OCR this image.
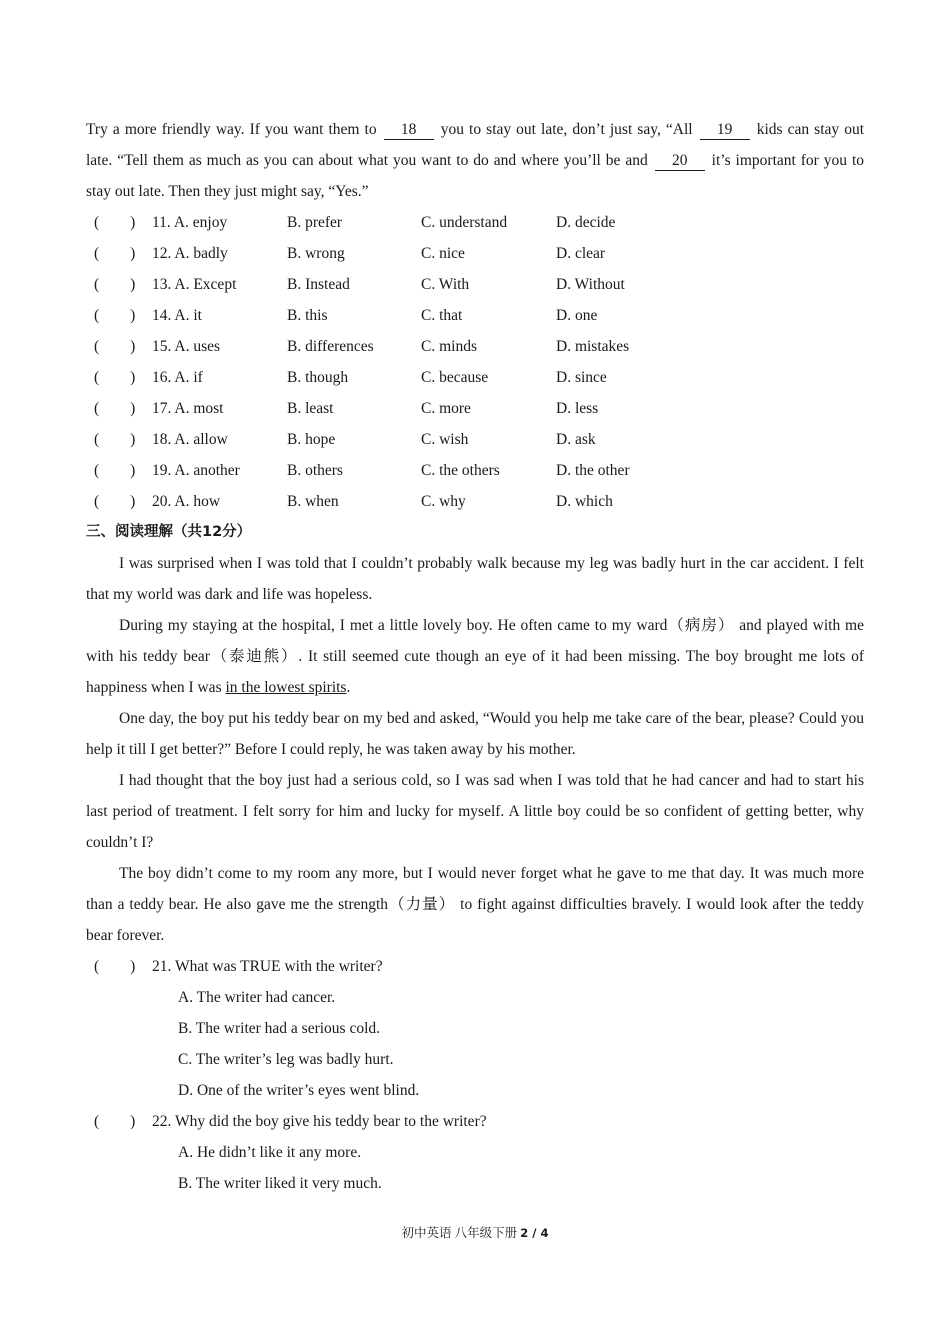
Try a more friendly way. If you want them to 18 you to stay out late, don’t just say, “All 19 kids can stay out late. “Tell them as much as you can about what you want to do and where you’ll be and 20 it’s important for you to stay out late. Then they just might say, “Yes.”

(　　) 11. A. enjoy	B. prefer	C. understand	D. decide
(　　) 12. A. badly	B. wrong	C. nice	D. clear
(　　) 13. A. Except	B. Instead	C. With	D. Without
(　　) 14. A. it	B. this	C. that	D. one
(　　) 15. A. uses	B. differences	C. minds	D. mistakes
(　　) 16. A. if	B. though	C. because	D. since
(　　) 17. A. most	B. least	C. more	D. less
(　　) 18. A. allow	B. hope	C. wish	D. ask
(　　) 19. A. another	B. others	C. the others	D. the other
(　　) 20. A. how	B. when	C. why	D. which
三、阅读理解（共12分）

I was surprised when I was told that I couldn’t probably walk because my leg was badly hurt in the car accident. I felt that my world was dark and life was hopeless.

During my staying at the hospital, I met a little lovely boy. He often came to my ward（病房） and played with me with his teddy bear（泰迪熊）. It still seemed cute though an eye of it had been missing. The boy brought me lots of happiness when I was in the lowest spirits.

One day, the boy put his teddy bear on my bed and asked, “Would you help me take care of the bear, please? Could you help it till I get better?” Before I could reply, he was taken away by his mother.

I had thought that the boy just had a serious cold, so I was sad when I was told that he had cancer and had to start his last period of treatment. I felt sorry for him and lucky for myself. A little boy could be so confident of getting better, why couldn’t I?

The boy didn’t come to my room any more, but I would never forget what he gave to me that day. It was much more than a teddy bear. He also gave me the strength（力量） to fight against difficulties bravely. I would look after the teddy bear forever.

(　　) 21. What was TRUE with the writer?
A. The writer had cancer.
B. The writer had a serious cold.
C. The writer’s leg was badly hurt.
D. One of the writer’s eyes went blind.
(　　) 22. Why did the boy give his teddy bear to the writer?
A. He didn’t like it any more.
B. The writer liked it very much.
初中英语 八年级下册 2 / 4
